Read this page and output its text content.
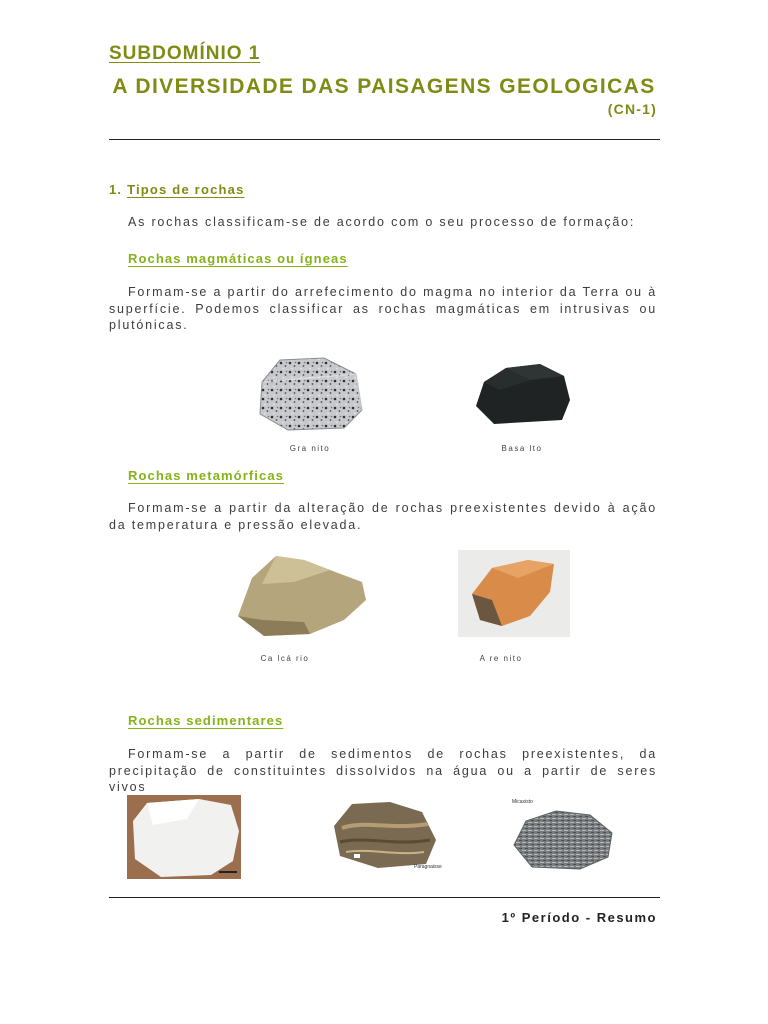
SUBDOMÍNIO 1
A DIVERSIDADE DAS PAISAGENS GEOLOGICAS
(CN-1)
1. Tipos de rochas
As rochas classificam-se de acordo com o seu processo de formação:
Rochas magmáticas ou ígneas
Formam-se a partir do arrefecimento do magma no interior da Terra ou à superfície. Podemos classificar as rochas magmáticas em intrusivas ou plutónicas.
Gra nito	Basa lto
Rochas metamórficas
Formam-se a partir da alteração de rochas preexistentes devido à ação da temperatura e pressão elevada.
Ca lcá rio	A re nito
Rochas sedimentares
Formam-se a partir de sedimentos de rochas preexistentes, da precipitação de constituintes dissolvidos na água ou a partir de seres vivos
Paragnaisse
Micaxisto
1º Período - Resumo
